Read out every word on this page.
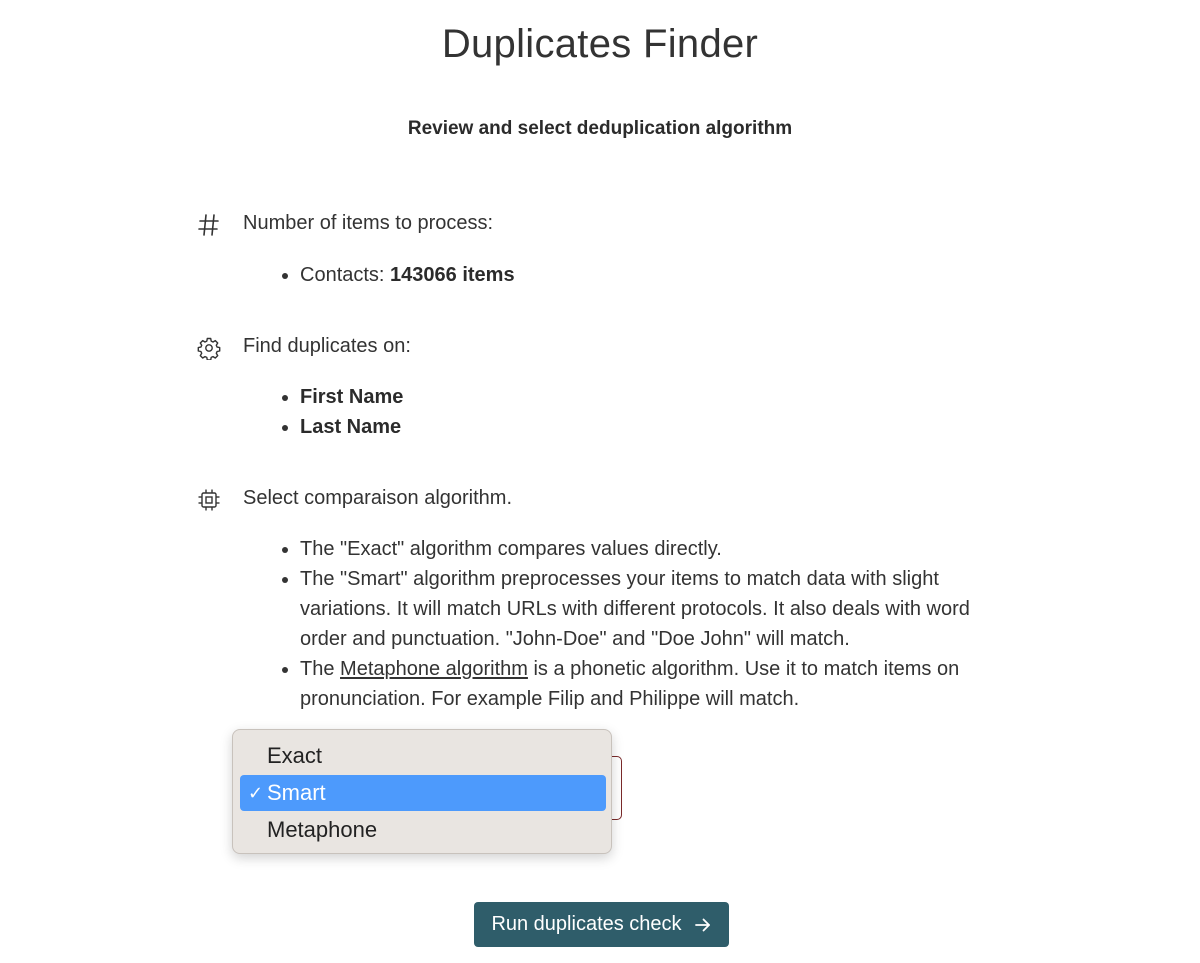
Duplicates Finder
Review and select deduplication algorithm
Number of items to process:
• Contacts: 143066 items
Find duplicates on:
• First Name
• Last Name
Select comparaison algorithm.
• The "Exact" algorithm compares values directly.
• The "Smart" algorithm preprocesses your items to match data with slight variations. It will match URLs with different protocols. It also deals with word order and punctuation. "John-Doe" and "Doe John" will match.
• The Metaphone algorithm is a phonetic algorithm. Use it to match items on pronunciation. For example Filip and Philippe will match.
Exact
✓ Smart
Metaphone
Run duplicates check
